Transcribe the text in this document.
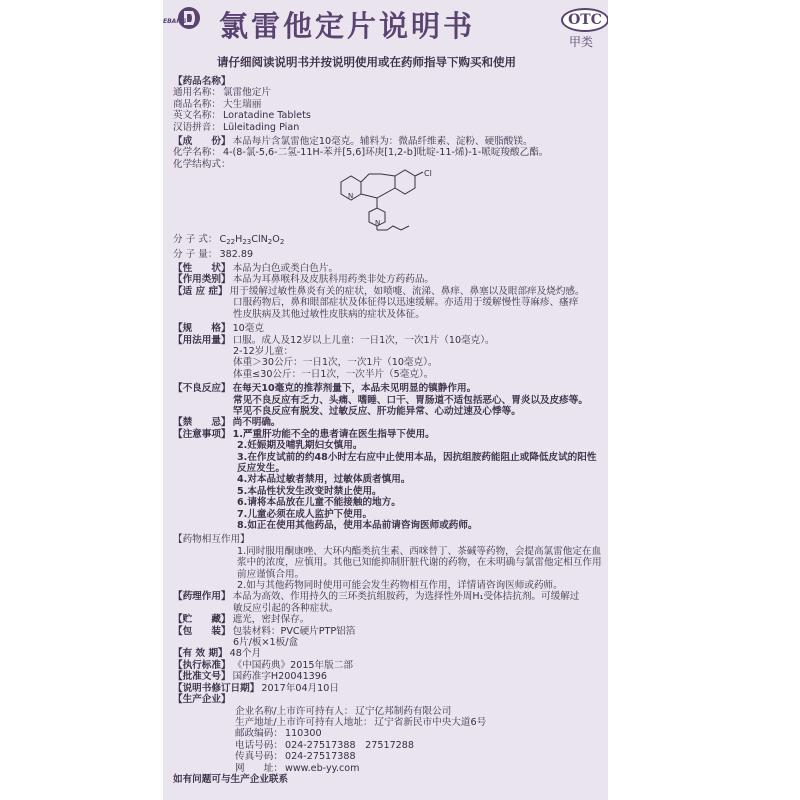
EBANG 氯雷他定片说明书	OTC
甲类
请仔细阅读说明书并按说明使用或在药师指导下购买和使用
【药品名称】
通用名称： 氯雷他定片
商品名称： 大生瑞丽
英文名称： Loratadine Tablets
汉语拼音： Lüleitading Pian
【成　　份】 本品每片含氯雷他定10毫克。辅料为：微晶纤维素、淀粉、硬脂酸镁。
化学名称： 4-(8-氯-5,6-二氢-11H-苯并[5,6]环庚[1,2-b]吡啶-11-烯)-1-哌啶羧酸乙酯。
化学结构式：
N
N
Cl
分 子 式： $C_{22}H_{23}ClN_2O_2$
分 子 量： 382.89
【性　　状】 本品为白色或类白色片。
【作用类别】 本品为耳鼻喉科及皮肤科用药类非处方药药品。
【适 应 症】 用于缓解过敏性鼻炎有关的症状，如喷嚏、流涕、鼻痒、鼻塞以及眼部痒及烧灼感。
口服药物后，鼻和眼部症状及体征得以迅速缓解。亦适用于缓解慢性荨麻疹、瘙痒
性皮肤病及其他过敏性皮肤病的症状及体征。
【规　　格】 10毫克
【用法用量】 口服。成人及12岁以上儿童：一日1次，一次1片（10毫克）。
2-12岁儿童：
体重＞30公斤：一日1次，一次1片（10毫克）。
体重≤30公斤：一日1次，一次半片（5毫克）。
【不良反应】 在每天10毫克的推荐剂量下，本品未见明显的镇静作用。
常见不良反应有乏力、头痛、嗜睡、口干、胃肠道不适包括恶心、胃炎以及皮疹等。
罕见不良反应有脱发、过敏反应、肝功能异常、心动过速及心悸等。
【禁　　忌】 尚不明确。
【注意事项】 1.严重肝功能不全的患者请在医生指导下使用。
2.妊娠期及哺乳期妇女慎用。
3.在作皮试前的约48小时左右应中止使用本品，因抗组胺药能阻止或降低皮试的阳性反应发生。
4.对本品过敏者禁用，过敏体质者慎用。
5.本品性状发生改变时禁止使用。
6.请将本品放在儿童不能接触的地方。
7.儿童必须在成人监护下使用。
8.如正在使用其他药品，使用本品前请咨询医师或药师。
【药物相互作用】
1.同时服用酮康唑、大环内酯类抗生素、西咪替丁、茶碱等药物，会提高氯雷他定在血浆中的浓度，应慎用。其他已知能抑制肝脏代谢的药物，在未明确与氯雷他定相互作用前应谨慎合用。
2.如与其他药物同时使用可能会发生药物相互作用，详情请咨询医师或药师。
【药理作用】 本品为高效、作用持久的三环类抗组胺药，为选择性外周H₁受体拮抗剂。可缓解过
敏反应引起的各种症状。
【贮　　藏】 遮光，密封保存。
【包　　装】 包装材料：PVC硬片PTP铝箔
6片/板×1板/盒
【有 效 期】 48个月
【执行标准】 《中国药典》2015年版二部
【批准文号】 国药准字H20041396
【说明书修订日期】 2017年04月10日
【生产企业】
企业名称/上市许可持有人： 辽宁亿邦制药有限公司
生产地址/上市许可持有人地址： 辽宁省新民市中央大道6号
邮政编码： 110300
电话号码： 024-27517388　27517288
传真号码： 024-27517388
网　　址： www.eb-yy.com
如有问题可与生产企业联系
